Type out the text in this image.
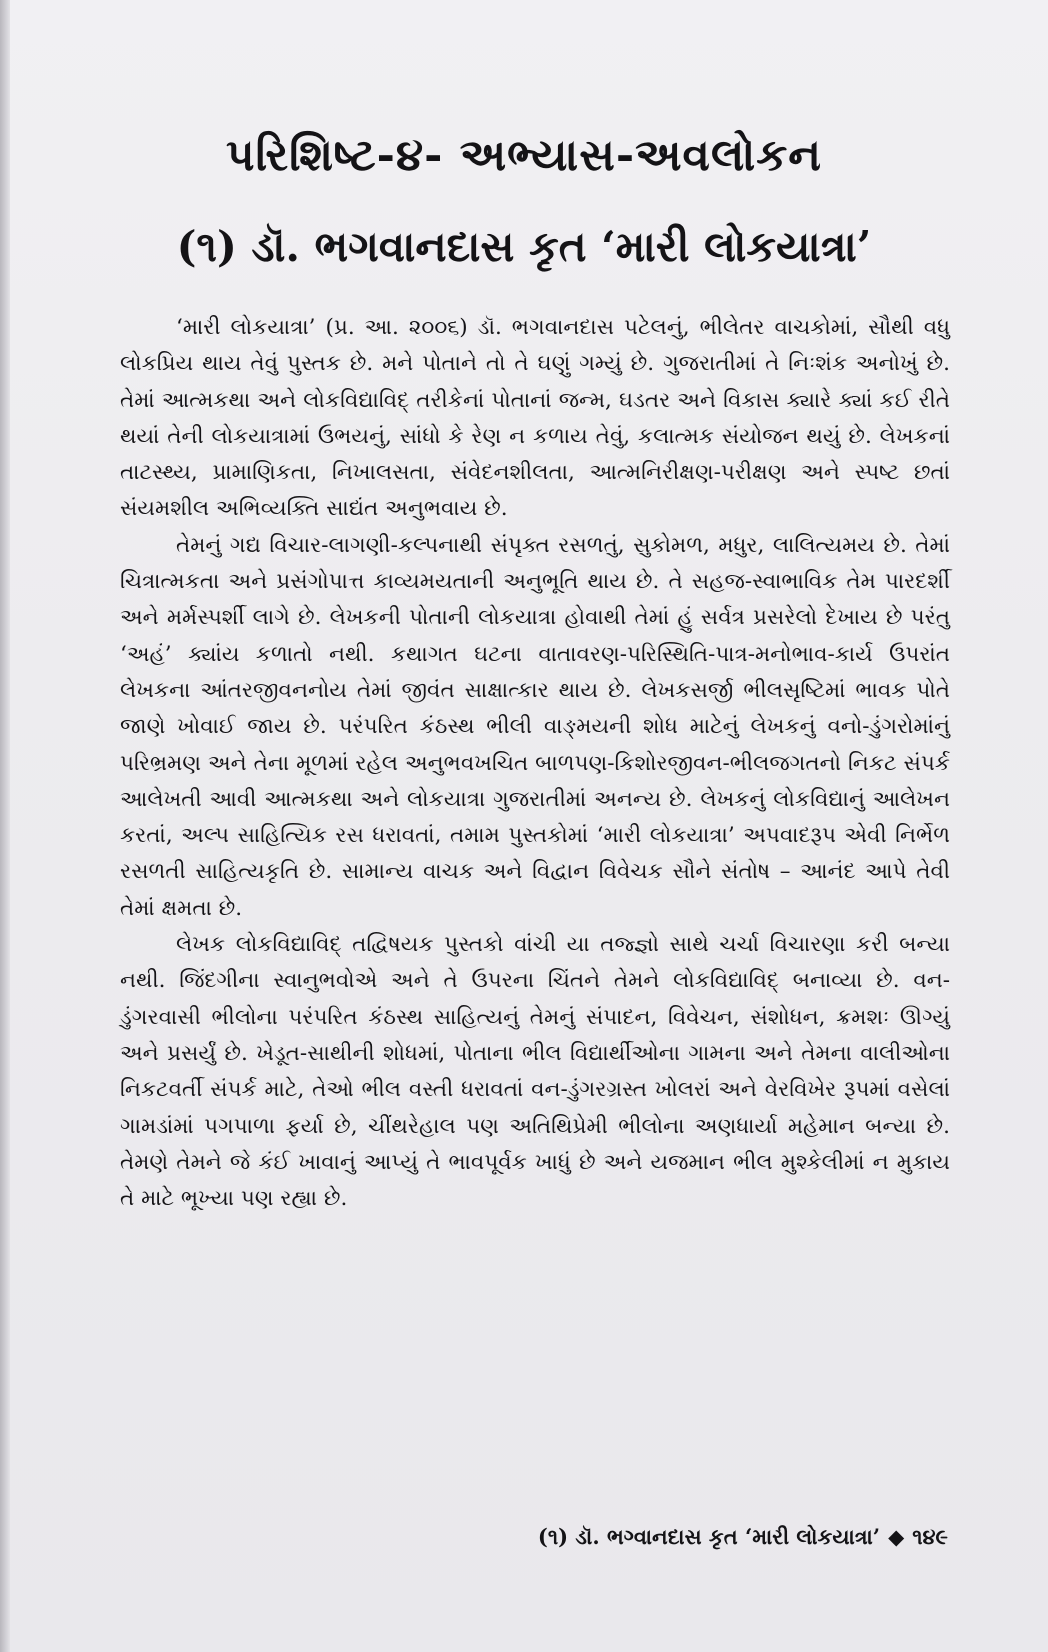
પરિશિષ્ટ-૪- અભ્યાસ-અવલોકન
(૧) ડૉ. ભગવાનદાસ કૃત ‘મારી લોકયાત્રા’

‘મારી લોકયાત્રા’ (પ્ર. આ. ૨૦૦૬) ડૉ. ભગવાનદાસ પટેલનું, ભીલેતર વાચકોમાં, સૌથી વધુ લોકપ્રિય થાય તેવું પુસ્તક છે. મને પોતાને તો તે ઘણું ગમ્યું છે. ગુજરાતીમાં તે નિઃશંક અનોખું છે. તેમાં આત્મકથા અને લોકવિદ્યાવિદ્ તરીકેનાં પોતાનાં જન્મ, ઘડતર અને વિકાસ ક્યારે ક્યાં કઈ રીતે થયાં તેની લોકયાત્રામાં ઉભયનું, સાંધો કે રેણ ન કળાય તેવું, કલાત્મક સંયોજન થયું છે. લેખકનાં તાટસ્થ્ય, પ્રામાણિકતા, નિખાલસતા, સંવેદનશીલતા, આત્મનિરીક્ષણ-પરીક્ષણ અને સ્પષ્ટ છતાં સંયમશીલ અભિવ્યક્તિ સાદ્યંત અનુભવાય છે.

તેમનું ગદ્ય વિચાર-લાગણી-કલ્પનાથી સંપૃક્ત રસળતું, સુકોમળ, મધુર, લાલિત્યમય છે. તેમાં ચિત્રાત્મકતા અને પ્રસંગોપાત્ત કાવ્યમયતાની અનુભૂતિ થાય છે. તે સહજ-સ્વાભાવિક તેમ પારદર્શી અને મર્મસ્પર્શી લાગે છે. લેખકની પોતાની લોકયાત્રા હોવાથી તેમાં હું સર્વત્ર પ્રસરેલો દેખાય છે પરંતુ ‘અહં’ ક્યાંય કળાતો નથી. કથાગત ઘટના વાતાવરણ-પરિસ્થિતિ-પાત્ર-મનોભાવ-કાર્ય ઉપરાંત લેખકના આંતરજીવનનોય તેમાં જીવંત સાક્ષાત્કાર થાય છે. લેખકસર્જી ભીલસૃષ્ટિમાં ભાવક પોતે જાણે ખોવાઈ જાય છે. પરંપરિત કંઠસ્થ ભીલી વાઙ્મયની શોધ માટેનું લેખકનું વનો-ડુંગરોમાંનું પરિભ્રમણ અને તેના મૂળમાં રહેલ અનુભવખચિત બાળપણ-કિશોરજીવન-ભીલજગતનો નિકટ સંપર્ક આલેખતી આવી આત્મકથા અને લોકયાત્રા ગુજરાતીમાં અનન્ય છે. લેખકનું લોકવિદ્યાનું આલેખન કરતાં, અલ્પ સાહિત્યિક રસ ધરાવતાં, તમામ પુસ્તકોમાં ‘મારી લોકયાત્રા’ અપવાદરૂપ એવી નિર્ભેળ રસળતી સાહિત્યકૃતિ છે. સામાન્ય વાચક અને વિદ્વાન વિવેચક સૌને સંતોષ – આનંદ આપે તેવી તેમાં ક્ષમતા છે.

લેખક લોકવિદ્યાવિદ્ તદ્વિષયક પુસ્તકો વાંચી યા તજ્જ્ઞો સાથે ચર્ચા વિચારણા કરી બન્યા નથી. જિંદગીના સ્વાનુભવોએ અને તે ઉપરના ચિંતને તેમને લોકવિદ્યાવિદ્ બનાવ્યા છે. વન-ડુંગરવાસી ભીલોના પરંપરિત કંઠસ્થ સાહિત્યનું તેમનું સંપાદન, વિવેચન, સંશોધન, ક્રમશઃ ઊગ્યું અને પ્રસર્યું છે. ખેડૂત-સાથીની શોધમાં, પોતાના ભીલ વિદ્યાર્થીઓના ગામના અને તેમના વાલીઓના નિકટવર્તી સંપર્ક માટે, તેઓ ભીલ વસ્તી ધરાવતાં વન-ડુંગરગ્રસ્ત ખોલરાં અને વેરવિખેર રૂપમાં વસેલાં ગામડાંમાં પગપાળા ફર્યા છે, ચીંથરેહાલ પણ અતિથિપ્રેમી ભીલોના અણધાર્યા મહેમાન બન્યા છે. તેમણે તેમને જે કંઈ ખાવાનું આપ્યું તે ભાવપૂર્વક ખાધું છે અને યજમાન ભીલ મુશ્કેલીમાં ન મુકાય તે માટે ભૂખ્યા પણ રહ્યા છે.

(૧) ડૉ. ભગ્વાનદાસ કૃત ‘મારી લોકયાત્રા’ ◆ ૧૪૯
